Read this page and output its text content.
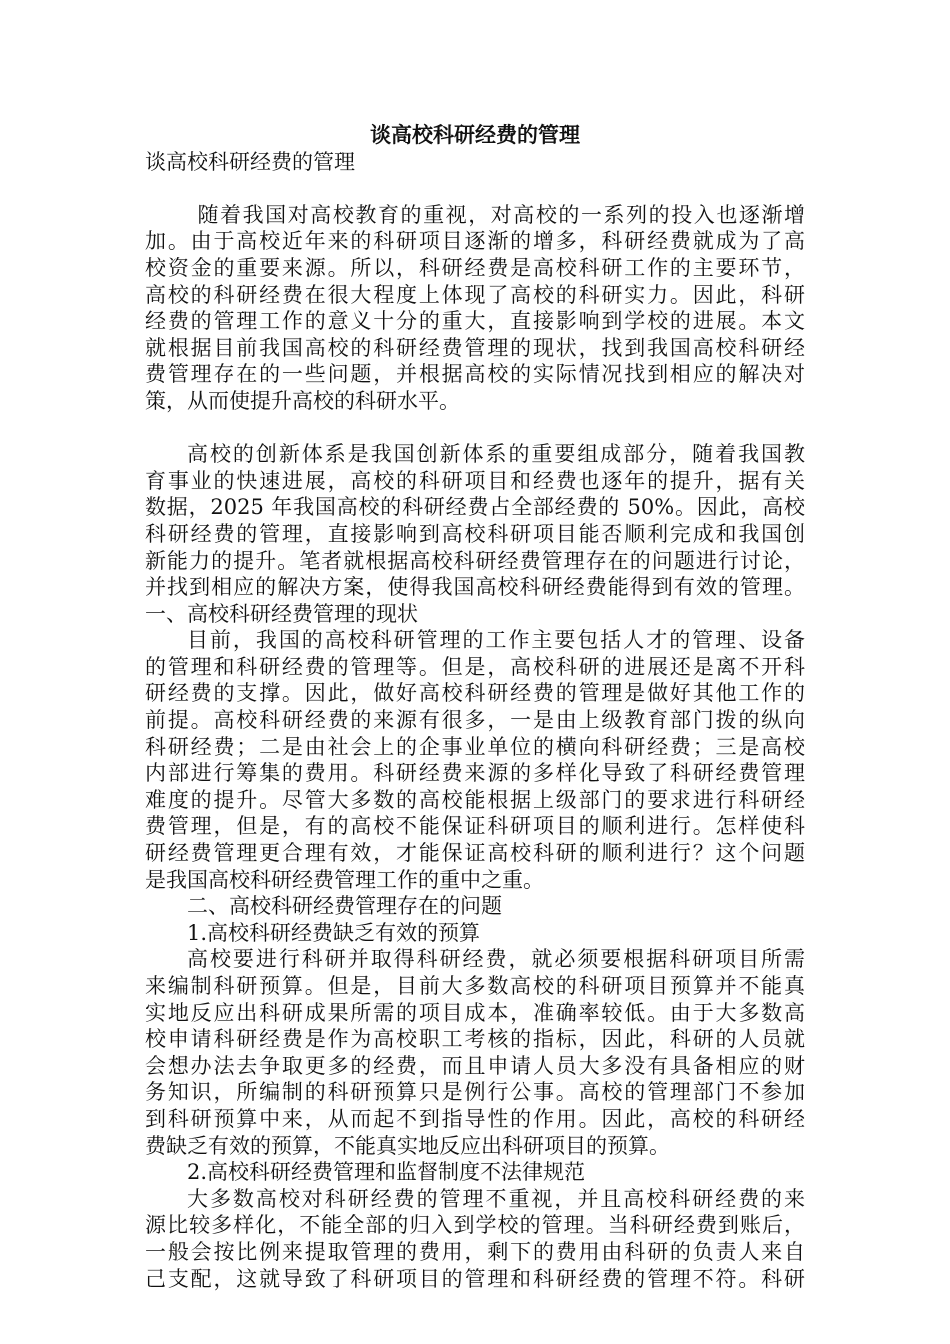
谈高校科研经费的管理
谈高校科研经费的管理
随着我国对高校教育的重视，对高校的一系列的投入也逐渐增
加。由于高校近年来的科研项目逐渐的增多，科研经费就成为了高
校资金的重要来源。所以，科研经费是高校科研工作的主要环节，
高校的科研经费在很大程度上体现了高校的科研实力。因此，科研
经费的管理工作的意义十分的重大，直接影响到学校的进展。本文
就根据目前我国高校的科研经费管理的现状，找到我国高校科研经
费管理存在的一些问题，并根据高校的实际情况找到相应的解决对
策，从而使提升高校的科研水平。
高校的创新体系是我国创新体系的重要组成部分，随着我国教
育事业的快速进展，高校的科研项目和经费也逐年的提升，据有关
数据，2025 年我国高校的科研经费占全部经费的 50%。因此，高校
科研经费的管理，直接影响到高校科研项目能否顺利完成和我国创
新能力的提升。笔者就根据高校科研经费管理存在的问题进行讨论，
并找到相应的解决方案，使得我国高校科研经费能得到有效的管理。
一、高校科研经费管理的现状
目前，我国的高校科研管理的工作主要包括人才的管理、设备
的管理和科研经费的管理等。但是，高校科研的进展还是离不开科
研经费的支撑。因此，做好高校科研经费的管理是做好其他工作的
前提。高校科研经费的来源有很多，一是由上级教育部门拨的纵向
科研经费；二是由社会上的企事业单位的横向科研经费；三是高校
内部进行筹集的费用。科研经费来源的多样化导致了科研经费管理
难度的提升。尽管大多数的高校能根据上级部门的要求进行科研经
费管理，但是，有的高校不能保证科研项目的顺利进行。怎样使科
研经费管理更合理有效，才能保证高校科研的顺利进行？这个问题
是我国高校科研经费管理工作的重中之重。
二、高校科研经费管理存在的问题
1.高校科研经费缺乏有效的预算
高校要进行科研并取得科研经费，就必须要根据科研项目所需
来编制科研预算。但是，目前大多数高校的科研项目预算并不能真
实地反应出科研成果所需的项目成本，准确率较低。由于大多数高
校申请科研经费是作为高校职工考核的指标，因此，科研的人员就
会想办法去争取更多的经费，而且申请人员大多没有具备相应的财
务知识，所编制的科研预算只是例行公事。高校的管理部门不参加
到科研预算中来，从而起不到指导性的作用。因此，高校的科研经
费缺乏有效的预算，不能真实地反应出科研项目的预算。
2.高校科研经费管理和监督制度不法律规范
大多数高校对科研经费的管理不重视，并且高校科研经费的来
源比较多样化，不能全部的归入到学校的管理。当科研经费到账后，
一般会按比例来提取管理的费用，剩下的费用由科研的负责人来自
己支配，这就导致了科研项目的管理和科研经费的管理不符。科研
